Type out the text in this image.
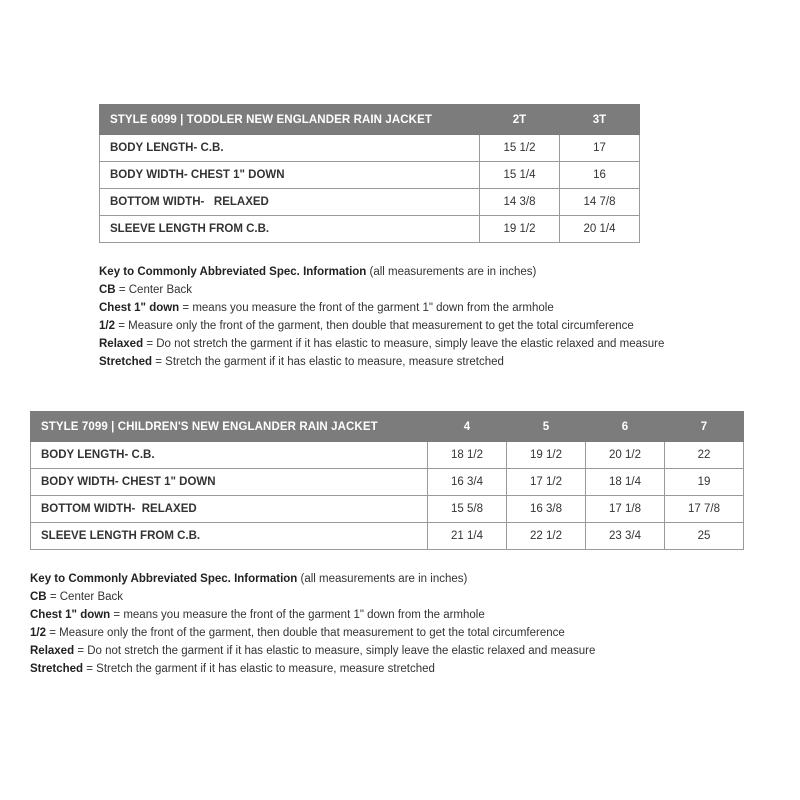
STYLE 6099 | TODDLER NEW ENGLANDER RAIN JACKET	2T	3T
BODY LENGTH- C.B.	15 1/2	17
BODY WIDTH- CHEST 1" DOWN	15 1/4	16
BOTTOM WIDTH-   RELAXED	14 3/8	14 7/8
SLEEVE LENGTH FROM C.B.	19 1/2	20 1/4
Key to Commonly Abbreviated Spec. Information (all measurements are in inches)
CB = Center Back
Chest 1" down = means you measure the front of the garment 1" down from the armhole
1/2 = Measure only the front of the garment, then double that measurement to get the total circumference
Relaxed = Do not stretch the garment if it has elastic to measure, simply leave the elastic relaxed and measure
Stretched = Stretch the garment if it has elastic to measure, measure stretched
STYLE 7099 | CHILDREN'S NEW ENGLANDER RAIN JACKET	4	5	6	7
BODY LENGTH- C.B.	18 1/2	19 1/2	20 1/2	22
BODY WIDTH- CHEST 1" DOWN	16 3/4	17 1/2	18 1/4	19
BOTTOM WIDTH-  RELAXED	15 5/8	16 3/8	17 1/8	17 7/8
SLEEVE LENGTH FROM C.B.	21 1/4	22 1/2	23 3/4	25
Key to Commonly Abbreviated Spec. Information (all measurements are in inches)
CB = Center Back
Chest 1" down = means you measure the front of the garment 1" down from the armhole
1/2 = Measure only the front of the garment, then double that measurement to get the total circumference
Relaxed = Do not stretch the garment if it has elastic to measure, simply leave the elastic relaxed and measure
Stretched = Stretch the garment if it has elastic to measure, measure stretched
